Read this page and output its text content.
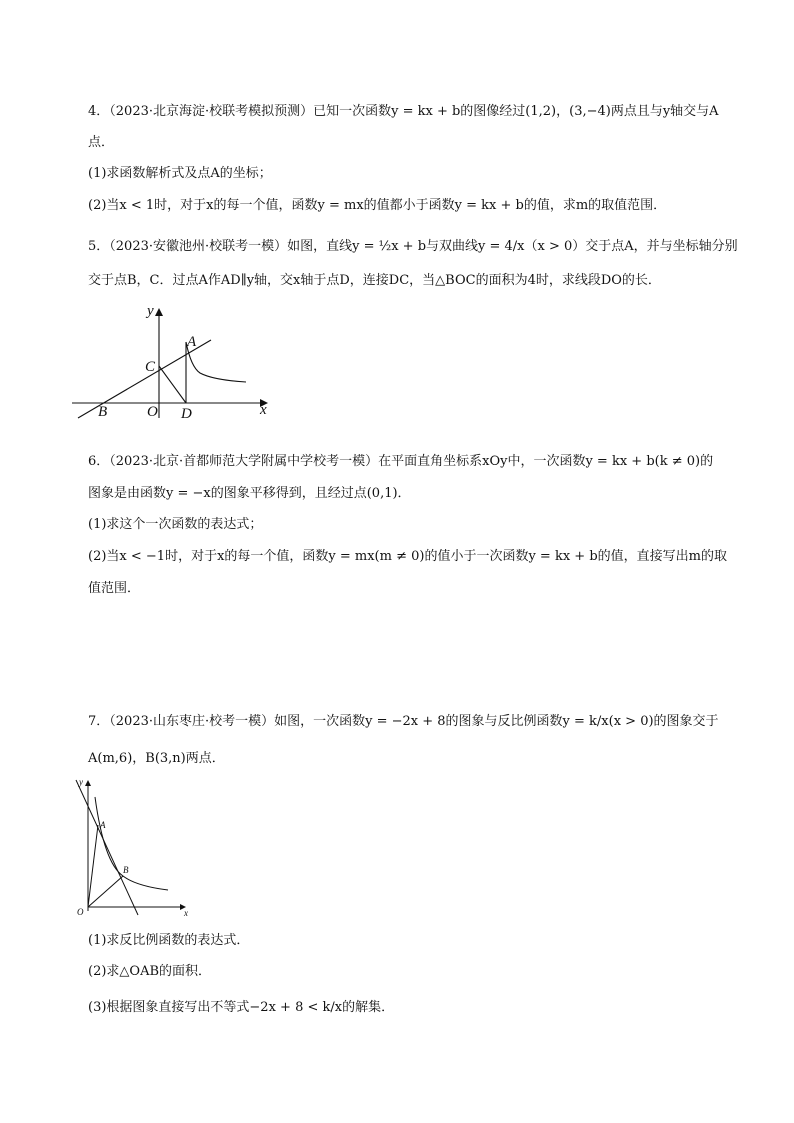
4．（2023·北京海淀·校联考模拟预测）已知一次函数y = kx + b的图像经过(1,2)，(3,−4)两点且与y轴交与A
点．
(1)求函数解析式及点A的坐标；
(2)当x < 1时，对于x的每一个值，函数y = mx的值都小于函数y = kx + b的值，求m的取值范围．
5．（2023·安徽池州·校联考一模）如图，直线y = ½x + b与双曲线y = 4/x（x > 0）交于点A，并与坐标轴分别
交于点B，C．过点A作AD∥y轴，交x轴于点D，连接DC，当△BOC的面积为4时，求线段DO的长．
y
x
A
C
B	O D
6．（2023·北京·首都师范大学附属中学校考一模）在平面直角坐标系xOy中，一次函数y = kx + b(k ≠ 0)的
图象是由函数y = −x的图象平移得到，且经过点(0,1)．
(1)求这个一次函数的表达式；
(2)当x < −1时，对于x的每一个值，函数y = mx(m ≠ 0)的值小于一次函数y = kx + b的值，直接写出m的取
值范围．
7．（2023·山东枣庄·校考一模）如图，一次函数y = −2x + 8的图象与反比例函数y = k/x(x > 0)的图象交于
A(m,6)，B(3,n)两点．
y
x
A
B
O
(1)求反比例函数的表达式．
(2)求△OAB的面积．
(3)根据图象直接写出不等式−2x + 8 < k/x的解集．
